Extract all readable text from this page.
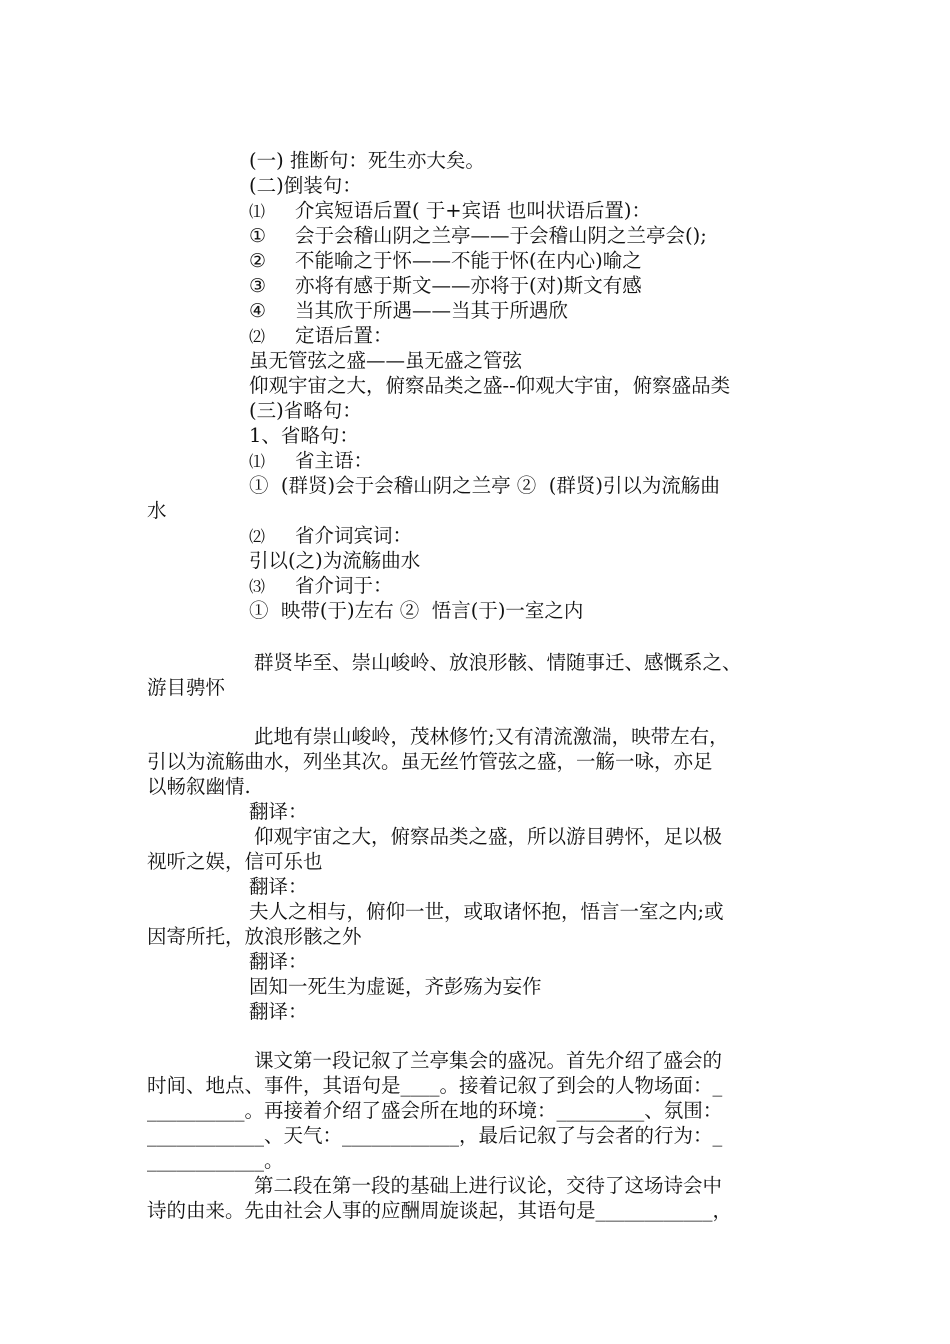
(一) 推断句：死生亦大矣。
(二)倒装句：
⑴ 介宾短语后置( 于+宾语 也叫状语后置)：
① 会于会稽山阴之兰亭——于会稽山阴之兰亭会();
② 不能喻之于怀——不能于怀(在内心)喻之
③ 亦将有感于斯文——亦将于(对)斯文有感
④ 当其欣于所遇——当其于所遇欣
⑵ 定语后置：
虽无管弦之盛——虽无盛之管弦
仰观宇宙之大，俯察品类之盛--仰观大宇宙，俯察盛品类
(三)省略句：
1、省略句：
⑴ 省主语：
①  (群贤)会于会稽山阴之兰亭 ②  (群贤)引以为流觞曲
水
⑵ 省介词宾词：
引以(之)为流觞曲水
⑶ 省介词于：
①  映带(于)左右 ②  悟言(于)一室之内
群贤毕至、崇山峻岭、放浪形骸、情随事迁、感慨系之、
游目骋怀
此地有崇山峻岭，茂林修竹;又有清流激湍，映带左右，
引以为流觞曲水，列坐其次。虽无丝竹管弦之盛，一觞一咏，亦足
以畅叙幽情.
翻译：
仰观宇宙之大，俯察品类之盛，所以游目骋怀，足以极
视听之娱，信可乐也
翻译：
夫人之相与，俯仰一世，或取诸怀抱，悟言一室之内;或
因寄所托，放浪形骸之外
翻译：
固知一死生为虚诞，齐彭殇为妄作
翻译：
课文第一段记叙了兰亭集会的盛况。首先介绍了盛会的
时间、地点、事件，其语句是____。接着记叙了到会的人物场面：_
__________。再接着介绍了盛会所在地的环境：_________、氛围：
____________、天气：____________，最后记叙了与会者的行为：_
____________。
第二段在第一段的基础上进行议论，交待了这场诗会中
诗的由来。先由社会人事的应酬周旋谈起，其语句是____________，
